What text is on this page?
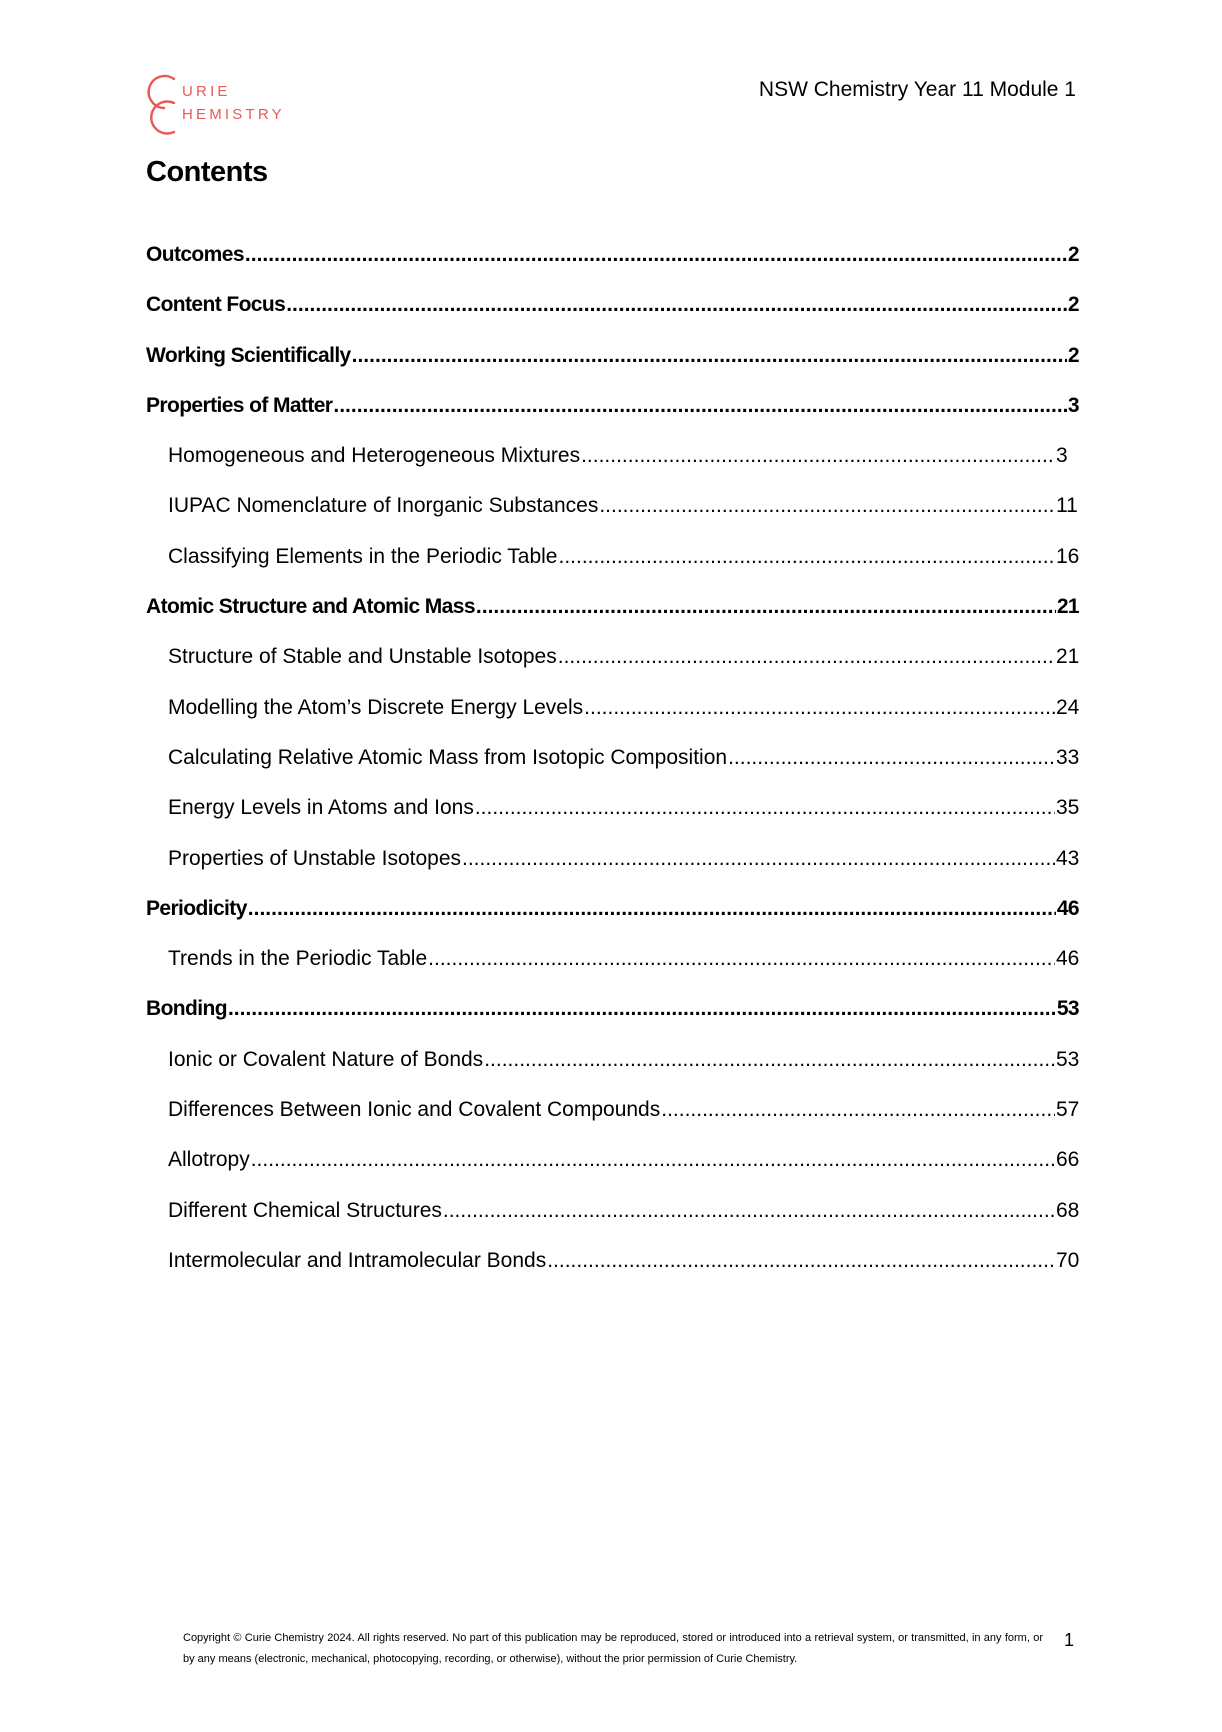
URIE
HEMISTRY
NSW Chemistry Year 11 Module 1
Contents
Outcomes .....	2
Content Focus .....	2
Working Scientifically .....	2
Properties of Matter .....	3
Homogeneous and Heterogeneous Mixtures .....	3
IUPAC Nomenclature of Inorganic Substances .....	11
Classifying Elements in the Periodic Table .....	16
Atomic Structure and Atomic Mass .....	21
Structure of Stable and Unstable Isotopes .....	21
Modelling the Atom’s Discrete Energy Levels .....	24
Calculating Relative Atomic Mass from Isotopic Composition .....	33
Energy Levels in Atoms and Ions .....	35
Properties of Unstable Isotopes .....	43
Periodicity .....	46
Trends in the Periodic Table .....	46
Bonding .....	53
Ionic or Covalent Nature of Bonds .....	53
Differences Between Ionic and Covalent Compounds .....	57
Allotropy .....	66
Different Chemical Structures .....	68
Intermolecular and Intramolecular Bonds .....	70
Copyright © Curie Chemistry 2024. All rights reserved. No part of this publication may be reproduced, stored or introduced into a retrieval system, or transmitted, in any form, or by any means (electronic, mechanical, photocopying, recording, or otherwise), without the prior permission of Curie Chemistry.
1
